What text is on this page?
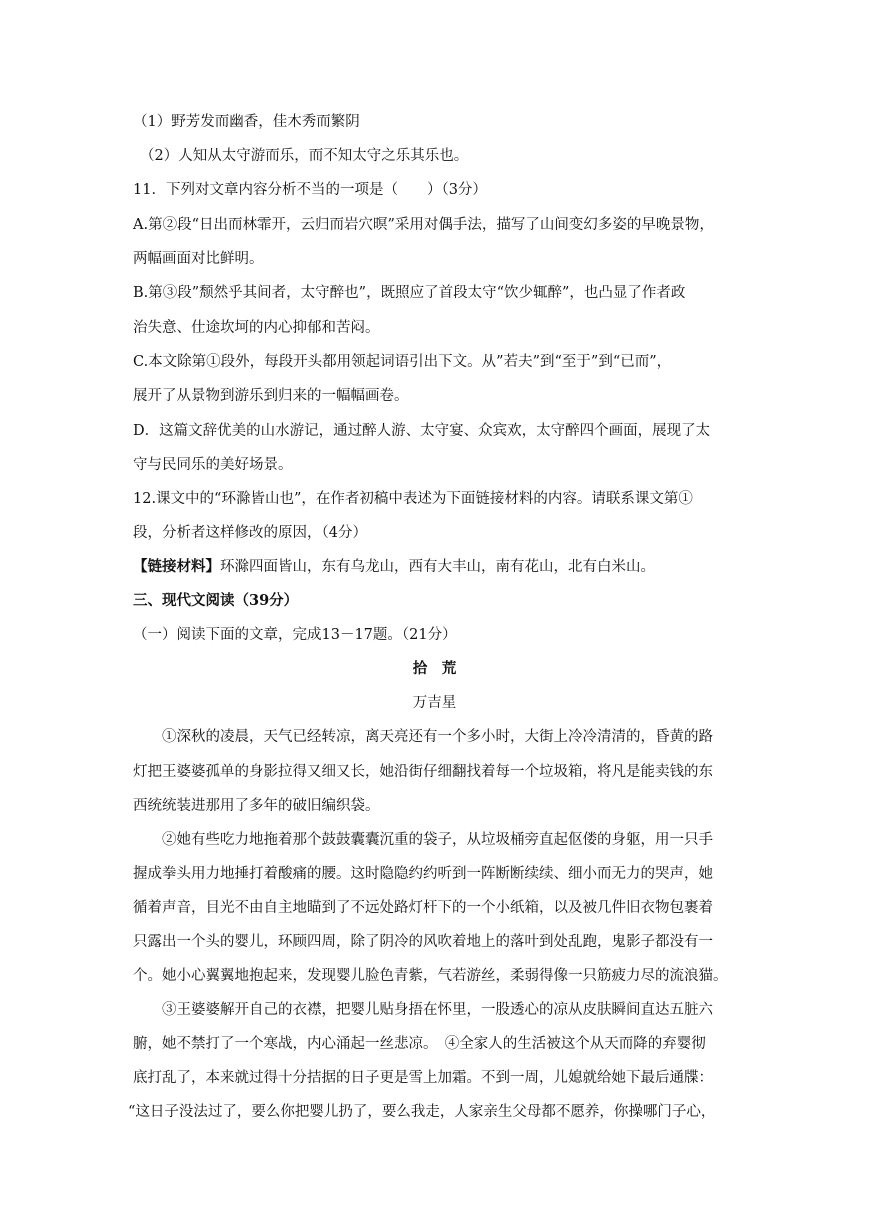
（1）野芳发而幽香，佳木秀而繁阴
（2）人知从太守游而乐，而不知太守之乐其乐也。
11．下列对文章内容分析不当的一项是（　　）（3分）
A.第②段“日出而林霏开，云归而岩穴暝”采用对偶手法，描写了山间变幻多姿的早晚景物，
两幅画面对比鲜明。
B.第③段”颓然乎其间者，太守醉也”，既照应了首段太守“饮少辄醉”，也凸显了作者政
治失意、仕途坎坷的内心抑郁和苦闷。
C.本文除第①段外，每段开头都用领起词语引出下文。从”若夫”到“至于”到“已而”，
展开了从景物到游乐到归来的一幅幅画卷。
D．这篇文辞优美的山水游记，通过醉人游、太守宴、众宾欢，太守醉四个画面，展现了太
守与民同乐的美好场景。
12.课文中的“环滁皆山也”，在作者初稿中表述为下面链接材料的内容。请联系课文第①
段，分析者这样修改的原因，（4分）
【链接材料】环滁四面皆山，东有乌龙山，西有大丰山，南有花山，北有白米山。
三、现代文阅读（39分）
（一）阅读下面的文章，完成13－17题。（21分）
拾　荒
万吉星
①深秋的凌晨，天气已经转凉，离天亮还有一个多小时，大街上冷冷清清的，昏黄的路
灯把王婆婆孤单的身影拉得又细又长，她沿街仔细翻找着每一个垃圾箱，将凡是能卖钱的东
西统统装进那用了多年的破旧编织袋。
②她有些吃力地拖着那个鼓鼓囊囊沉重的袋子，从垃圾桶旁直起伛偻的身躯，用一只手
握成拳头用力地捶打着酸痛的腰。这时隐隐约约听到一阵断断续续、细小而无力的哭声，她
循着声音，目光不由自主地瞄到了不远处路灯杆下的一个小纸箱，以及被几件旧衣物包裹着
只露出一个头的婴儿，环顾四周，除了阴冷的风吹着地上的落叶到处乱跑，鬼影子都没有一
个。她小心翼翼地抱起来，发现婴儿脸色青紫，气若游丝，柔弱得像一只筋疲力尽的流浪猫。
③王婆婆解开自己的衣襟，把婴儿贴身捂在怀里，一股透心的凉从皮肤瞬间直达五脏六
腑，她不禁打了一个寒战，内心涌起一丝悲凉。　④全家人的生活被这个从天而降的弃婴彻
底打乱了，本来就过得十分拮据的日子更是雪上加霜。不到一周，儿媳就给她下最后通牒：
“这日子没法过了，要么你把婴儿扔了，要么我走，人家亲生父母都不愿养，你操哪门子心，
